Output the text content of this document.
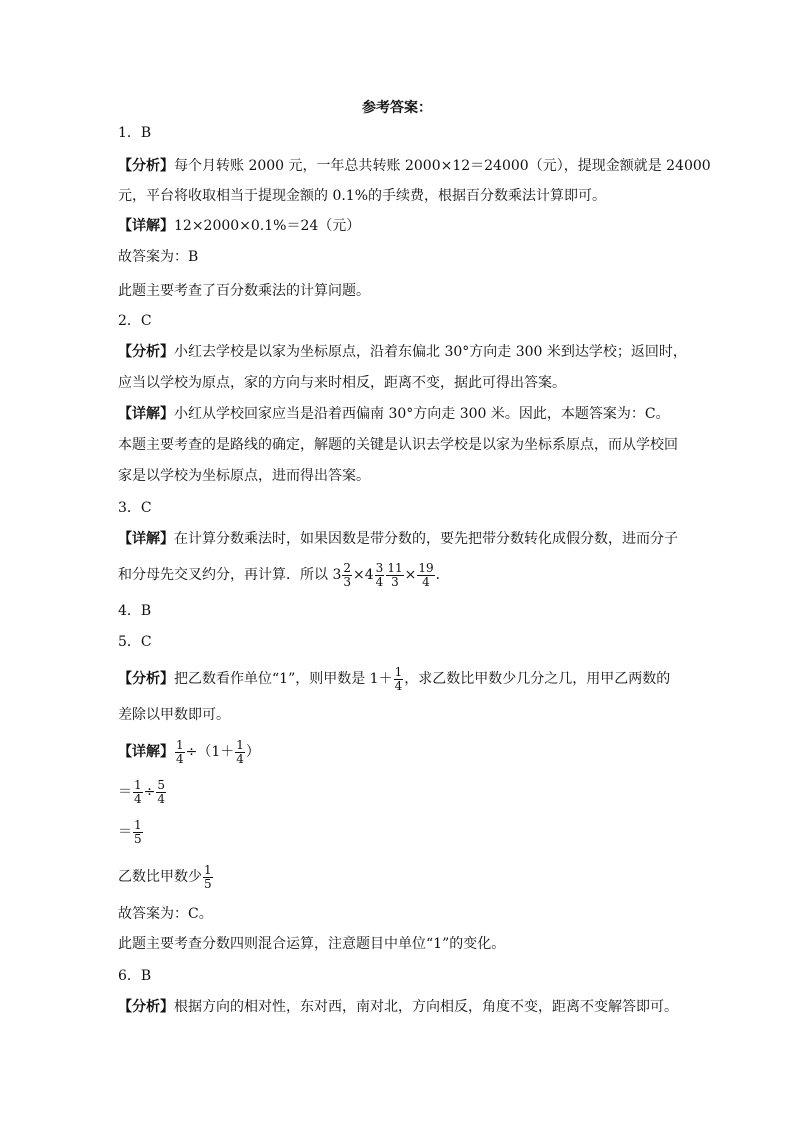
参考答案：
1．B
【分析】每个月转账 2000 元，一年总共转账 2000×12＝24000（元），提现金额就是 24000
元，平台将收取相当于提现金额的 0.1%的手续费，根据百分数乘法计算即可。
【详解】12×2000×0.1%＝24（元）
故答案为：B
此题主要考查了百分数乘法的计算问题。
2．C
【分析】小红去学校是以家为坐标原点，沿着东偏北 30°方向走 300 米到达学校；返回时，
应当以学校为原点，家的方向与来时相反，距离不变，据此可得出答案。
【详解】小红从学校回家应当是沿着西偏南 30°方向走 300 米。因此，本题答案为：C。
本题主要考查的是路线的确定，解题的关键是认识去学校是以家为坐标系原点，而从学校回
家是以学校为坐标原点，进而得出答案。
3．C
【详解】在计算分数乘法时，如果因数是带分数的，要先把带分数转化成假分数，进而分子
和分母先交叉约分，再计算．所以 $3 \frac{2}{3} \times 4 \frac{3}{4} \frac{11}{3} \times \frac{19}{4}$ ．
4．B
5．C
【分析】把乙数看作单位“1”，则甲数是 $1+ \frac{1}{4}$ ，求乙数比甲数少几分之几，用甲乙两数的
差除以甲数即可。
【详解】 $\frac{1}{4} \div(1+ \frac{1}{4}$ ）
＝ $\frac{1}{4} \div \frac{5}{4}$
＝ $\frac{1}{5}$
乙数比甲数少 $\frac{1}{5}$
故答案为：C。
此题主要考查分数四则混合运算，注意题目中单位“1”的变化。
6．B
【分析】根据方向的相对性，东对西，南对北，方向相反，角度不变，距离不变解答即可。
